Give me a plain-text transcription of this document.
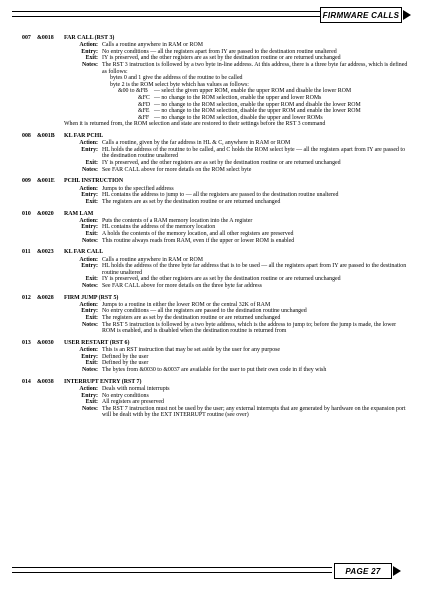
FIRMWARE CALLS
007	&0018	FAR CALL (RST 3)
Action: Calls a routine anywhere in RAM or ROM
Entry: No entry conditions — all the registers apart from IY are passed to the destination routine unaltered
Exit: IY is preserved, and the other registers are as set by the destination routine or are returned unchanged
Notes: The RST 3 instruction is followed by a two byte in-line address. At this address, there is a three byte far address, which is defined as follows:
bytes 0 and 1 give the address of the routine to be called
byte 2 is the ROM select byte which has values as follows:
&00 to &FB	— select the given upper ROM, enable the upper ROM and disable the lower ROM
&FC — no change to the ROM selection, enable the upper and lower ROMs
&FD — no change to the ROM selection, enable the upper ROM and disable the lower ROM
&FE — no change to the ROM selection, disable the upper ROM and enable the lower ROM
&FF — no change to the ROM selection, disable the upper and lower ROMs
When it is returned from, the ROM selection and state are restored to their settings before the RST 3 command
008	&001B	KL FAR PCHL
Action: Calls a routine, given by the far address in HL & C, anywhere in RAM or ROM
Entry: HL holds the address of the routine to be called, and C holds the ROM select byte — all the registers apart from IY are passed to the destination routine unaltered
Exit: IY is preserved, and the other registers are as set by the destination routine or are returned unchanged
Notes: See FAR CALL above for more details on the ROM select byte
009	&001E	PCHL INSTRUCTION
Action: Jumps to the specified address
Entry: HL contains the address to jump to — all the registers are passed to the destination routine unaltered
Exit: The registers are as set by the destination routine or are returned unchanged
010	&0020	RAM LAM
Action: Puts the contents of a RAM memory location into the A register
Entry: HL contains the address of the memory location
Exit: A holds the contents of the memory location, and all other registers are preserved
Notes: This routine always reads from RAM, even if the upper or lower ROM is enabled
011	&0023	KL FAR CALL
Action: Calls a routine anywhere in RAM or ROM
Entry: HL holds the address of the three byte far address that is to be used — all the registers apart from IY are passed to the destination routine unaltered
Exit: IY is preserved, and the other registers are as set by the destination routine or are returned unchanged
Notes: See FAR CALL above for more details on the three byte far address
012	&0028	FIRM JUMP (RST 5)
Action: Jumps to a routine in either the lower ROM or the central 32K of RAM
Entry: No entry conditions — all the registers are passed to the destination routine unchanged
Exit: The registers are as set by the destination routine or are returned unchanged
Notes: The RST 5 instruction is followed by a two byte address, which is the address to jump to; before the jump is made, the lower ROM is enabled, and is disabled when the destination routine is returned from
013	&0030	USER RESTART (RST 6)
Action: This is an RST instruction that may be set aside by the user for any purpose
Entry: Defined by the user
Exit: Defined by the user
Notes: The bytes from &0030 to &0037 are available for the user to put their own code in if they wish
014	&0038	INTERRUPT ENTRY (RST 7)
Action: Deals with normal interrupts
Entry: No entry conditions
Exit: All registers are preserved
Notes: The RST 7 instruction must not be used by the user; any external interrupts that are generated by hardware on the expansion port will be dealt with by the EXT INTERRUPT routine (see over)
PAGE 27
